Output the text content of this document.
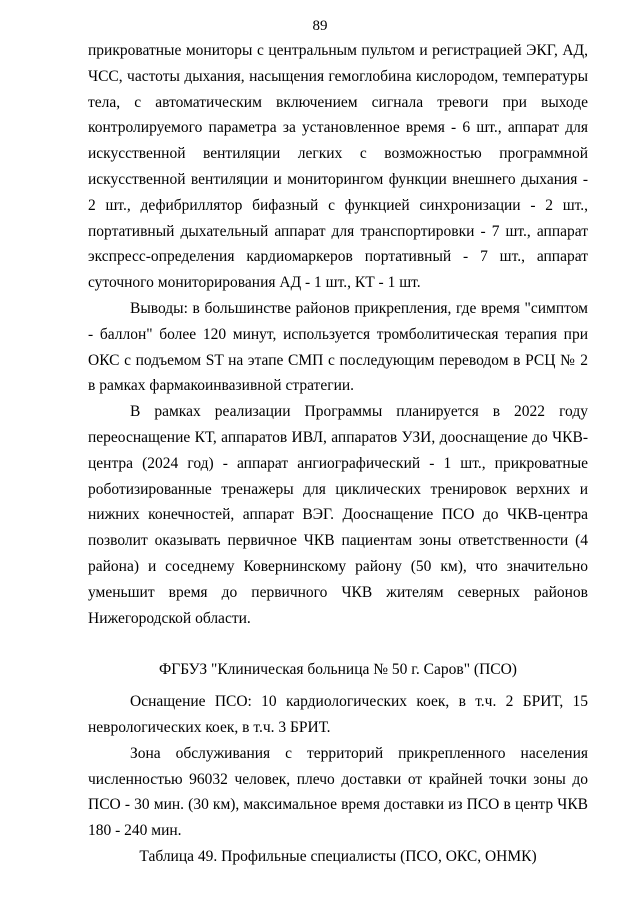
89

прикроватные мониторы с центральным пультом и регистрацией ЭКГ, АД, ЧСС, частоты дыхания, насыщения гемоглобина кислородом, температуры тела, с автоматическим включением сигнала тревоги при выходе контролируемого параметра за установленное время - 6 шт., аппарат для искусственной вентиляции легких с возможностью программной искусственной вентиляции и мониторингом функции внешнего дыхания - 2 шт., дефибриллятор бифазный с функцией синхронизации - 2 шт., портативный дыхательный аппарат для транспортировки - 7 шт., аппарат экспресс-определения кардиомаркеров портативный - 7 шт., аппарат суточного мониторирования АД - 1 шт., КТ - 1 шт.

Выводы: в большинстве районов прикрепления, где время "симптом - баллон" более 120 минут, используется тромболитическая терапия при ОКС с подъемом ST на этапе СМП с последующим переводом в РСЦ № 2 в рамках фармакоинвазивной стратегии.

В рамках реализации Программы планируется в 2022 году переоснащение КТ, аппаратов ИВЛ, аппаратов УЗИ, дооснащение до ЧКВ-центра (2024 год) - аппарат ангиографический - 1 шт., прикроватные роботизированные тренажеры для циклических тренировок верхних и нижних конечностей, аппарат ВЭГ. Дооснащение ПСО до ЧКВ-центра позволит оказывать первичное ЧКВ пациентам зоны ответственности (4 района) и соседнему Ковернинскому району (50 км), что значительно уменьшит время до первичного ЧКВ жителям северных районов Нижегородской области.

ФГБУЗ "Клиническая больница № 50 г. Саров" (ПСО)

Оснащение ПСО: 10 кардиологических коек, в т.ч. 2 БРИТ, 15 неврологических коек, в т.ч. 3 БРИТ.

Зона обслуживания с территорий прикрепленного населения численностью 96032 человек, плечо доставки от крайней точки зоны до ПСО - 30 мин. (30 км), максимальное время доставки из ПСО в центр ЧКВ 180 - 240 мин.

Таблица 49. Профильные специалисты (ПСО, ОКС, ОНМК)
